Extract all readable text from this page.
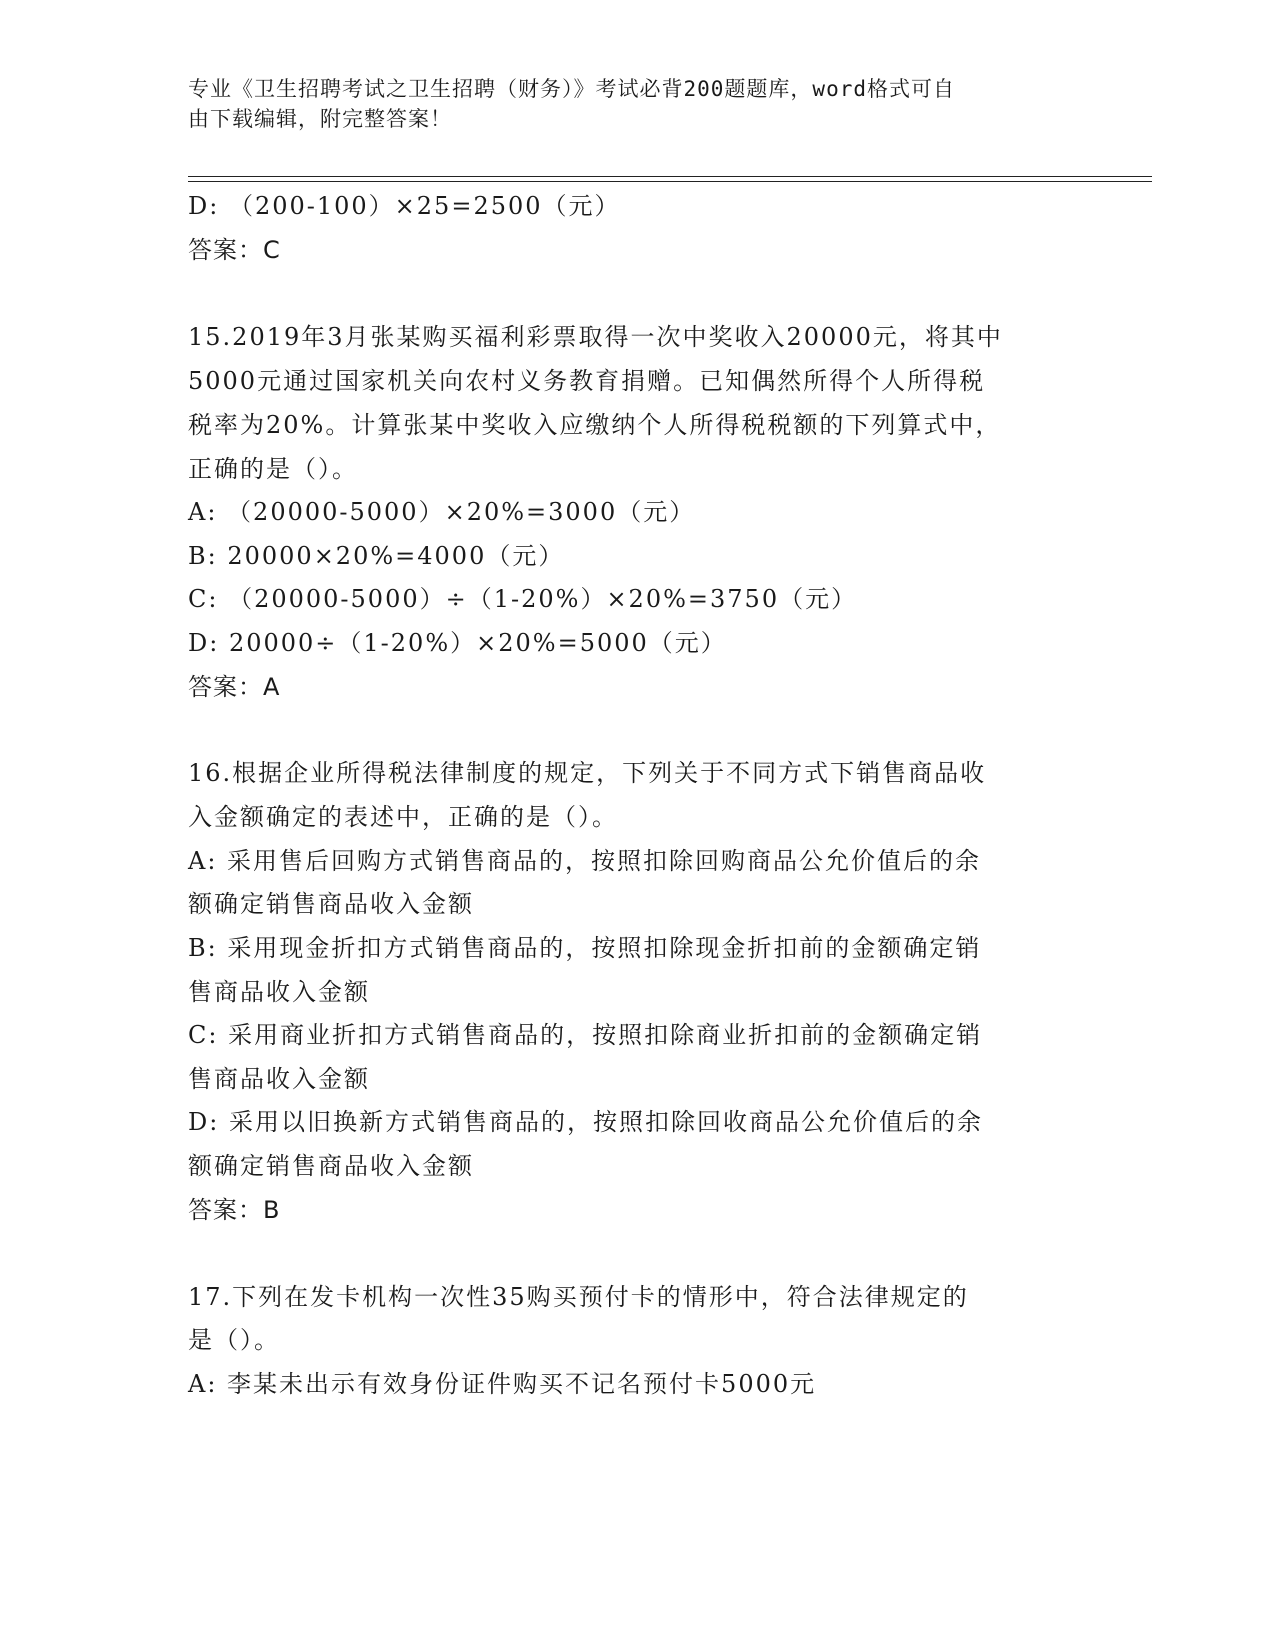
专业《卫生招聘考试之卫生招聘（财务）》考试必背200题题库，word格式可自
由下载编辑，附完整答案！
D: （200-100）×25=2500（元）
答案：C
15.2019年3月张某购买福利彩票取得一次中奖收入20000元，将其中
5000元通过国家机关向农村义务教育捐赠。已知偶然所得个人所得税
税率为20%。计算张某中奖收入应缴纳个人所得税税额的下列算式中，
正确的是（）。
A: （20000-5000）×20%=3000（元）
B: 20000×20%=4000（元）
C: （20000-5000）÷（1-20%）×20%=3750（元）
D: 20000÷（1-20%）×20%=5000（元）
答案：A
16.根据企业所得税法律制度的规定，下列关于不同方式下销售商品收
入金额确定的表述中，正确的是（）。
A: 采用售后回购方式销售商品的，按照扣除回购商品公允价值后的余
额确定销售商品收入金额
B: 采用现金折扣方式销售商品的，按照扣除现金折扣前的金额确定销
售商品收入金额
C: 采用商业折扣方式销售商品的，按照扣除商业折扣前的金额确定销
售商品收入金额
D: 采用以旧换新方式销售商品的，按照扣除回收商品公允价值后的余
额确定销售商品收入金额
答案：B
17.下列在发卡机构一次性35购买预付卡的情形中，符合法律规定的
是（）。
A: 李某未出示有效身份证件购买不记名预付卡5000元
